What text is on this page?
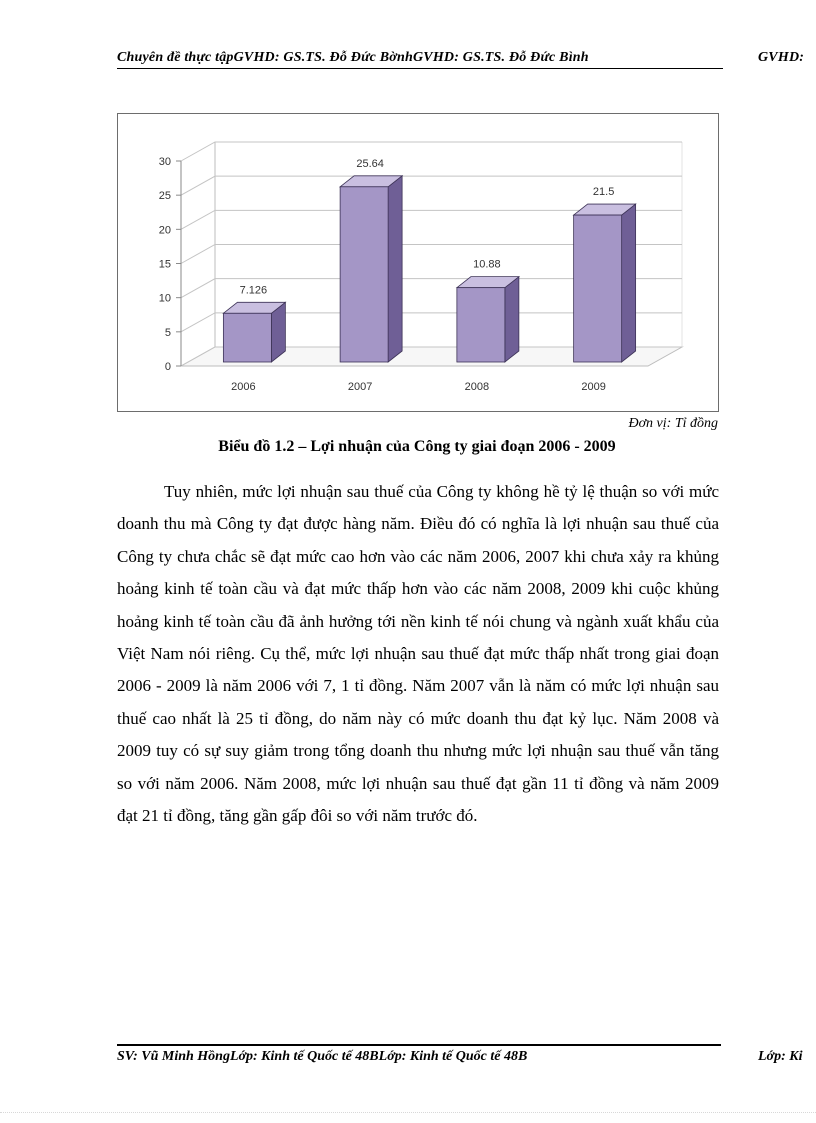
Chuyên đề thực tậpGVHD: GS.TS. Đỗ Đức BờnhGVHD: GS.TS. Đỗ Đức Bình	GVHD:
0
5
10
15
20
25
30
7.126
2006
25.64
2007
10.88
2008
21.5
2009
Đơn vị: Tỉ đồng
Biểu đồ 1.2 – Lợi nhuận của Công ty giai đoạn 2006 - 2009

Tuy nhiên, mức lợi nhuận sau thuế của Công ty không hề tỷ lệ thuận so với mức doanh thu mà Công ty đạt được hàng năm. Điều đó có nghĩa là lợi nhuận sau thuế của Công ty chưa chắc sẽ đạt mức cao hơn vào các năm 2006, 2007 khi chưa xảy ra khủng hoảng kinh tế toàn cầu và đạt mức thấp hơn vào các năm 2008, 2009 khi cuộc khủng hoảng kinh tế toàn cầu đã ảnh hưởng tới nền kinh tế nói chung và ngành xuất khẩu của Việt Nam nói riêng. Cụ thể, mức lợi nhuận sau thuế đạt mức thấp nhất trong giai đoạn 2006 - 2009 là năm 2006 với 7, 1 tỉ đồng. Năm 2007 vẫn là năm có mức lợi nhuận sau thuế cao nhất là 25 tỉ đồng, do năm này có mức doanh thu đạt kỷ lục. Năm 2008 và 2009 tuy có sự suy giảm trong tổng doanh thu nhưng mức lợi nhuận sau thuế vẫn tăng so với năm 2006. Năm 2008, mức lợi nhuận sau thuế đạt gần 11 tỉ đồng và năm 2009 đạt 21 tỉ đồng, tăng gần gấp đôi so với năm trước đó.

SV: Vũ Minh HồngLớp: Kinh tế Quốc tế 48BLớp: Kinh tế Quốc tế 48B	Lớp: Ki
